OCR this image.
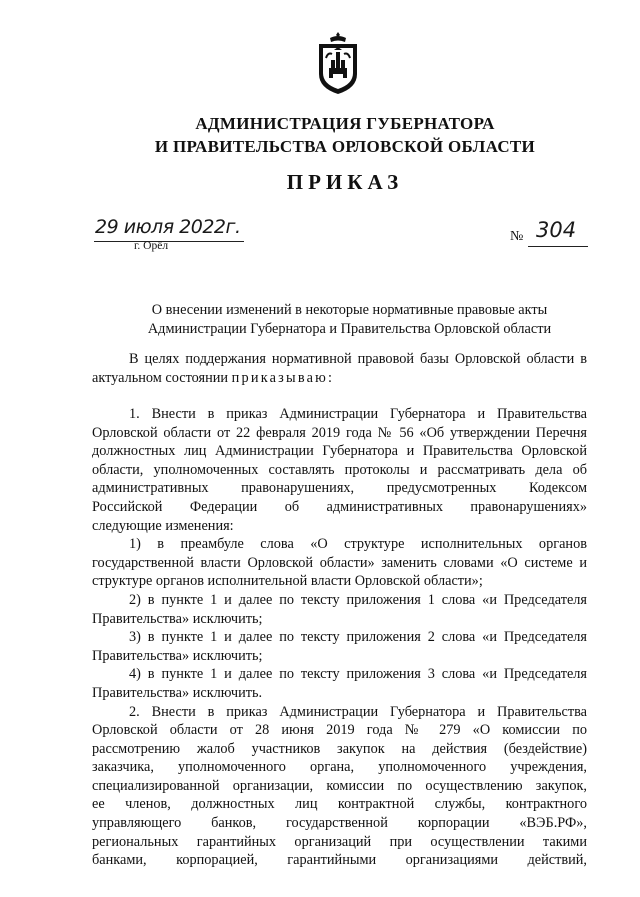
АДМИНИСТРАЦИЯ ГУБЕРНАТОРА
И ПРАВИТЕЛЬСТВА ОРЛОВСКОЙ ОБЛАСТИ
ПРИКАЗ
29 июля 2022г.
г. Орёл
№ 304
О внесении изменений в некоторые нормативные правовые акты
Администрации Губернатора и Правительства Орловской области
В целях поддержания нормативной правовой базы Орловской области в
актуальном состоянии приказываю:
1. Внести в приказ Администрации Губернатора и Правительства
Орловской области от 22 февраля 2019 года № 56 «Об утверждении Перечня
должностных лиц Администрации Губернатора и Правительства Орловской
области, уполномоченных составлять протоколы и рассматривать дела об
административных правонарушениях, предусмотренных Кодексом
Российской Федерации об административных правонарушениях»
следующие изменения:
1) в преамбуле слова «О структуре исполнительных органов
государственной власти Орловской области» заменить словами «О системе и
структуре органов исполнительной власти Орловской области»;
2) в пункте 1 и далее по тексту приложения 1 слова «и Председателя
Правительства» исключить;
3) в пункте 1 и далее по тексту приложения 2 слова «и Председателя
Правительства» исключить;
4) в пункте 1 и далее по тексту приложения 3 слова «и Председателя
Правительства» исключить.
2. Внести в приказ Администрации Губернатора и Правительства
Орловской области от 28 июня 2019 года № 279 «О комиссии по
рассмотрению жалоб участников закупок на действия (бездействие)
заказчика, уполномоченного органа, уполномоченного учреждения,
специализированной организации, комиссии по осуществлению закупок,
ее членов, должностных лиц контрактной службы, контрактного
управляющего банков, государственной корпорации «ВЭБ.РФ»,
региональных гарантийных организаций при осуществлении такими
банками, корпорацией, гарантийными организациями действий,
